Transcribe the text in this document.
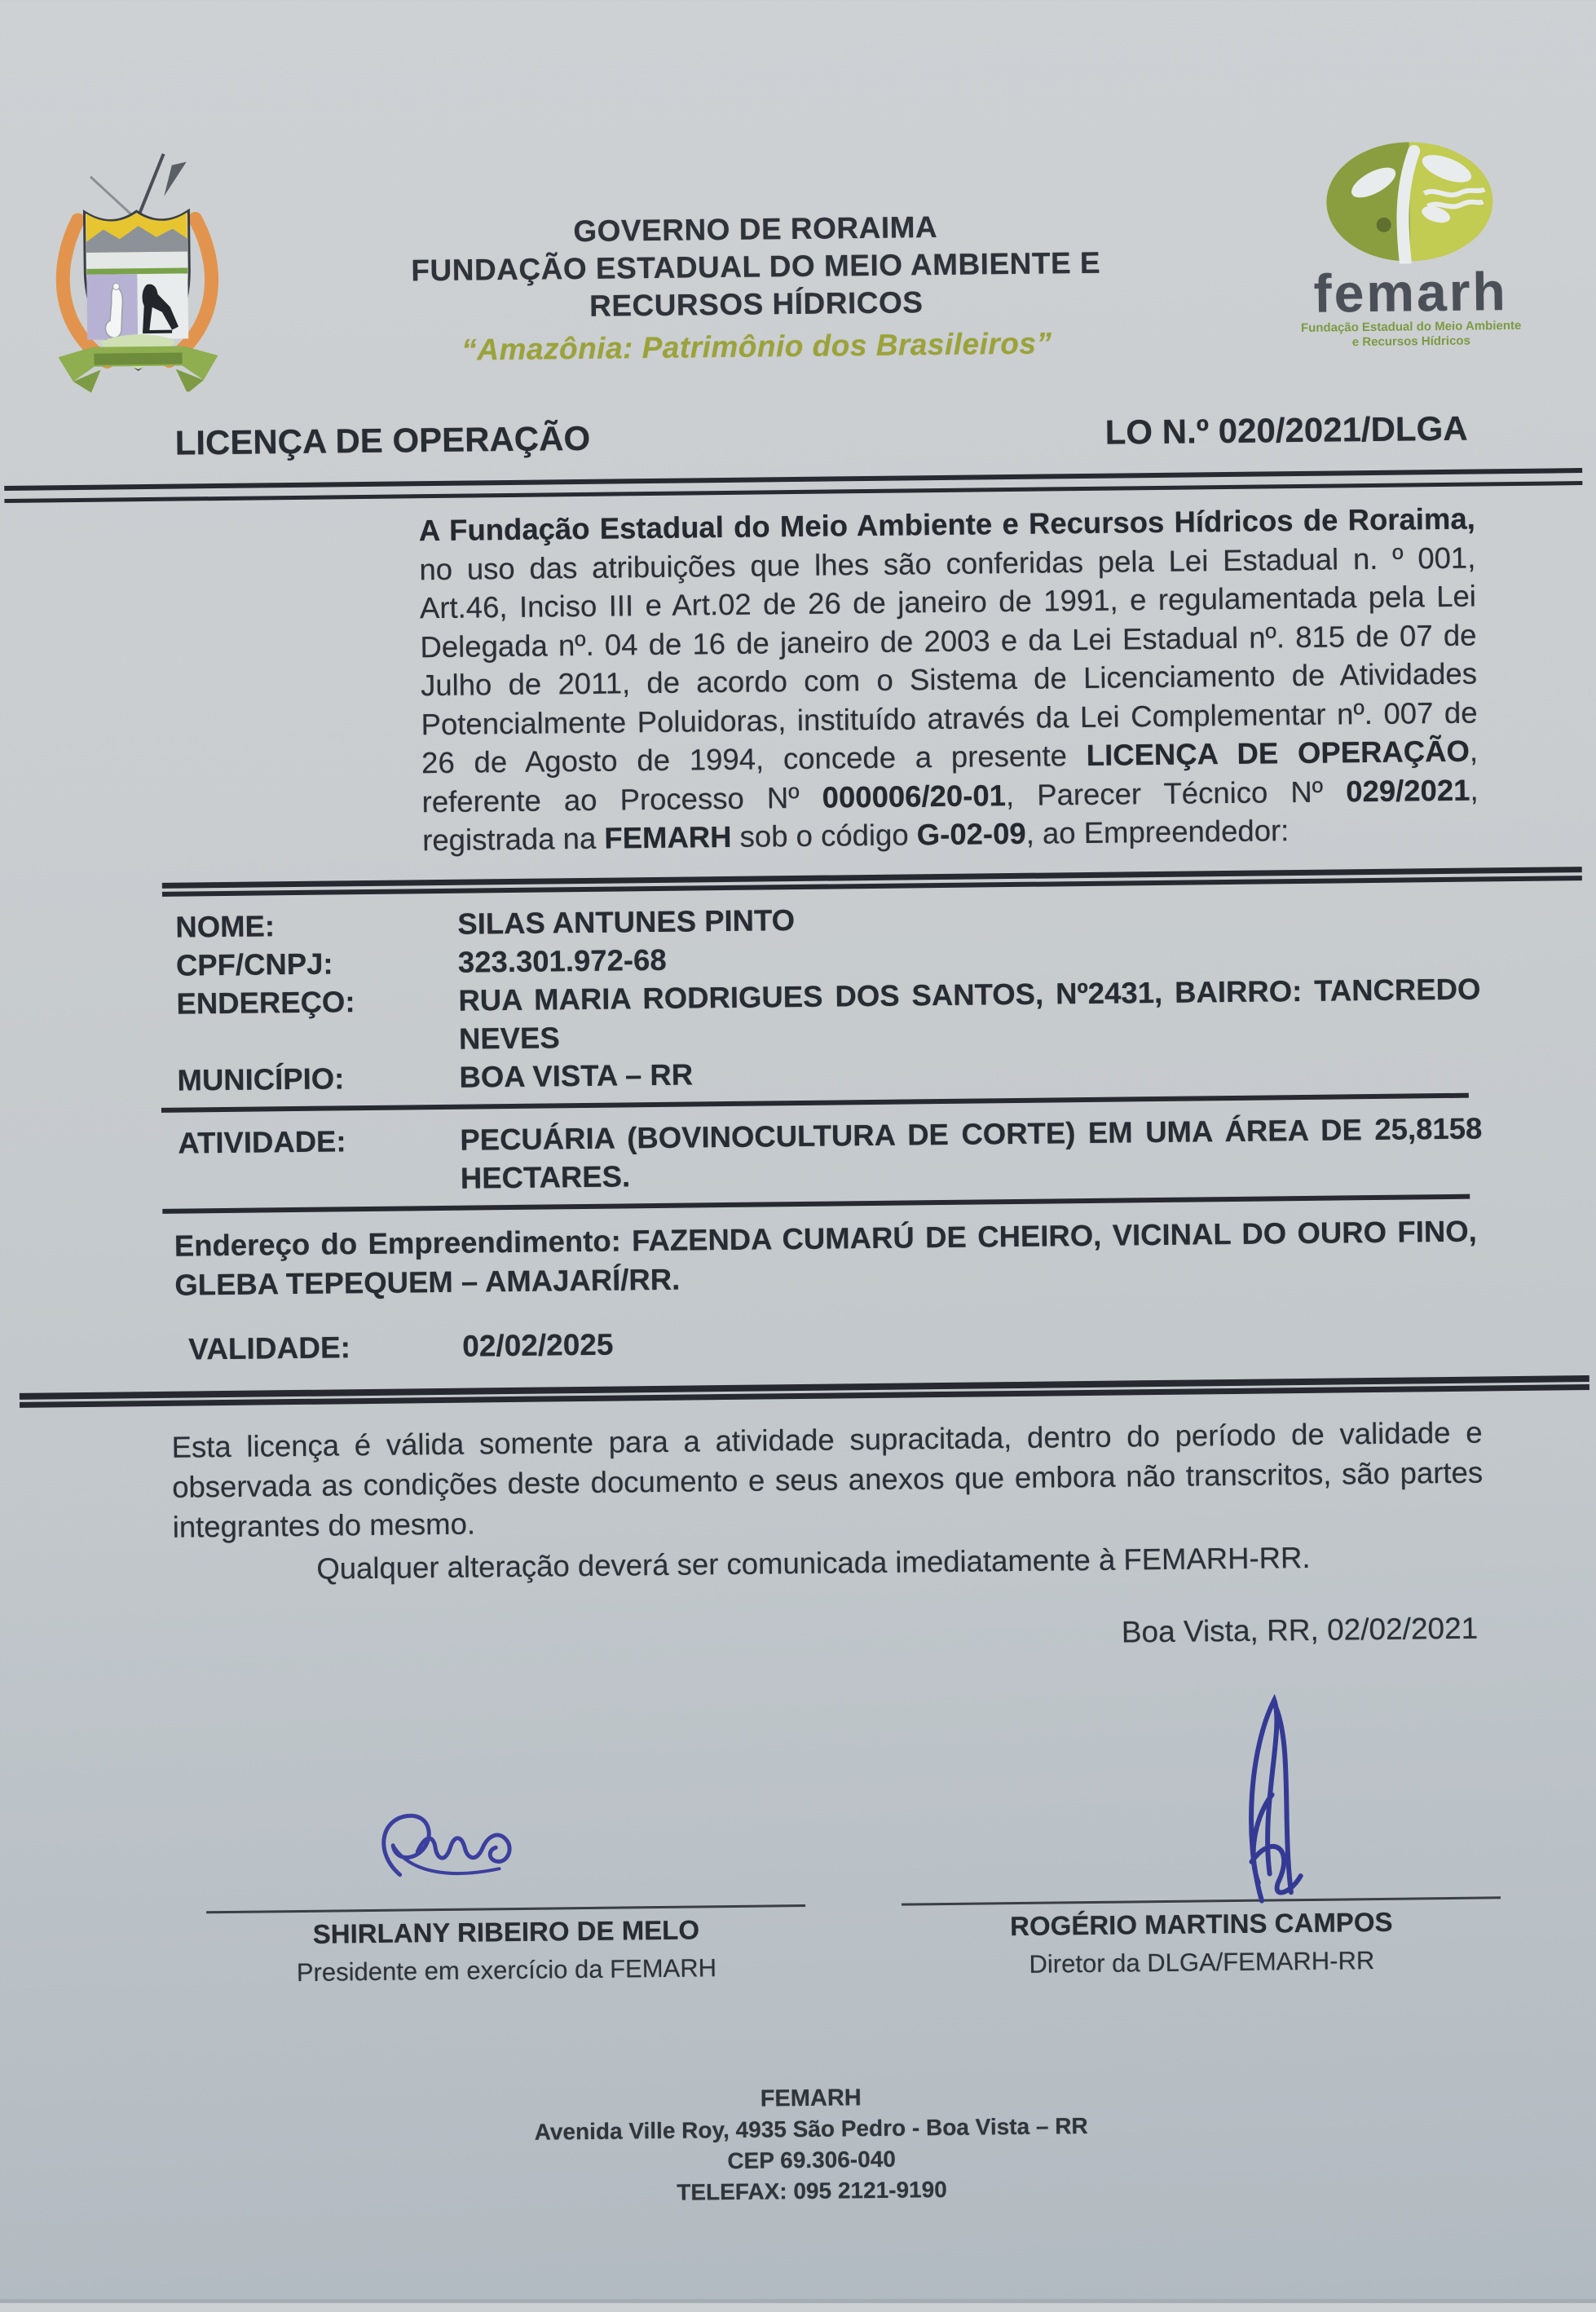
GOVERNO DE RORAIMA
FUNDAÇÃO ESTADUAL DO MEIO AMBIENTE E
RECURSOS HÍDRICOS
“Amazônia: Patrimônio dos Brasileiros”
femarh
Fundação Estadual do Meio Ambiente
e Recursos Hídricos
LICENÇA DE OPERAÇÃO	LO N.º 020/2021/DLGA

A Fundação Estadual do Meio Ambiente e Recursos Hídricos de Roraima, no uso das atribuições que lhes são conferidas pela Lei Estadual n. º 001, Art.46, Inciso III e Art.02 de 26 de janeiro de 1991, e regulamentada pela Lei Delegada nº. 04 de 16 de janeiro de 2003 e da Lei Estadual nº. 815 de 07 de Julho de 2011, de acordo com o Sistema de Licenciamento de Atividades Potencialmente Poluidoras, instituído através da Lei Complementar nº. 007 de 26 de Agosto de 1994, concede a presente LICENÇA DE OPERAÇÃO, referente ao Processo Nº 000006/20-01, Parecer Técnico Nº 029/2021, registrada na FEMARH sob o código G-02-09, ao Empreendedor:

NOME:	SILAS ANTUNES PINTO
CPF/CNPJ:	323.301.972-68
ENDEREÇO:	RUA MARIA RODRIGUES DOS SANTOS, Nº2431, BAIRRO: TANCREDO NEVES
MUNICÍPIO:	BOA VISTA – RR
ATIVIDADE:	PECUÁRIA (BOVINOCULTURA DE CORTE) EM UMA ÁREA DE 25,8158 HECTARES.

Endereço do Empreendimento: FAZENDA CUMARÚ DE CHEIRO, VICINAL DO OURO FINO, GLEBA TEPEQUEM – AMAJARÍ/RR.

VALIDADE:	02/02/2025

Esta licença é válida somente para a atividade supracitada, dentro do período de validade e observada as condições deste documento e seus anexos que embora não transcritos, são partes integrantes do mesmo.

Qualquer alteração deverá ser comunicada imediatamente à FEMARH-RR.

Boa Vista, RR, 02/02/2021

SHIRLANY RIBEIRO DE MELO
Presidente em exercício da FEMARH
ROGÉRIO MARTINS CAMPOS
Diretor da DLGA/FEMARH-RR
FEMARH
Avenida Ville Roy, 4935 São Pedro - Boa Vista – RR
CEP 69.306-040
TELEFAX: 095 2121-9190
